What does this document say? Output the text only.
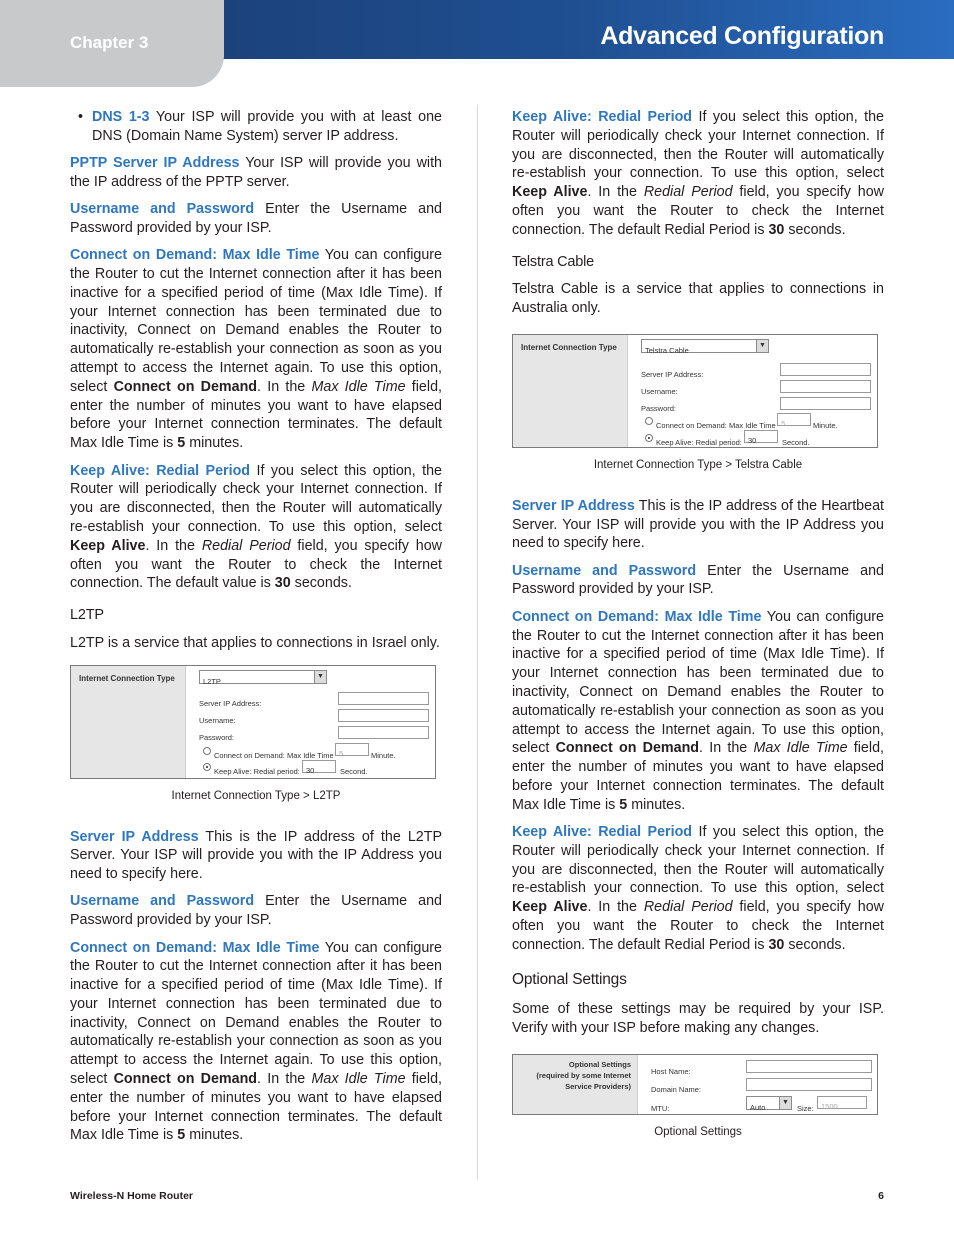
Chapter 3	Advanced Configuration
• DNS 1-3 Your ISP will provide you with at least one DNS (Domain Name System) server IP address.

PPTP Server IP Address Your ISP will provide you with the IP address of the PPTP server.

Username and Password Enter the Username and Password provided by your ISP.

Connect on Demand: Max Idle Time You can configure the Router to cut the Internet connection after it has been inactive for a specified period of time (Max Idle Time). If your Internet connection has been terminated due to inactivity, Connect on Demand enables the Router to automatically re-establish your connection as soon as you attempt to access the Internet again. To use this option, select Connect on Demand. In the Max Idle Time field, enter the number of minutes you want to have elapsed before your Internet connection terminates. The default Max Idle Time is 5 minutes.

Keep Alive: Redial Period If you select this option, the Router will periodically check your Internet connection. If you are disconnected, then the Router will automatically re-establish your connection. To use this option, select Keep Alive. In the Redial Period field, you specify how often you want the Router to check the Internet connection. The default value is 30 seconds.

L2TP

L2TP is a service that applies to connections in Israel only.

Internet Connection Type	L2TP
▼
Server IP Address:
Username:
Password:
Connect on Demand: Max Idle Time 5	Minute.
Keep Alive: Redial period: 30	Second.
Internet Connection Type > L2TP

Server IP Address This is the IP address of the L2TP Server. Your ISP will provide you with the IP Address you need to specify here.

Username and Password Enter the Username and Password provided by your ISP.

Connect on Demand: Max Idle Time You can configure the Router to cut the Internet connection after it has been inactive for a specified period of time (Max Idle Time). If your Internet connection has been terminated due to inactivity, Connect on Demand enables the Router to automatically re-establish your connection as soon as you attempt to access the Internet again. To use this option, select Connect on Demand. In the Max Idle Time field, enter the number of minutes you want to have elapsed before your Internet connection terminates. The default Max Idle Time is 5 minutes.

Keep Alive: Redial Period If you select this option, the Router will periodically check your Internet connection. If you are disconnected, then the Router will automatically re-establish your connection. To use this option, select Keep Alive. In the Redial Period field, you specify how often you want the Router to check the Internet connection. The default Redial Period is 30 seconds.

Telstra Cable

Telstra Cable is a service that applies to connections in Australia only.

Internet Connection Type	Telstra Cable
▼
Server IP Address:
Username:
Password:
Connect on Demand: Max Idle Time 5	Minute.
Keep Alive: Redial period: 30	Second.
Internet Connection Type > Telstra Cable

Server IP Address This is the IP address of the Heartbeat Server. Your ISP will provide you with the IP Address you need to specify here.

Username and Password Enter the Username and Password provided by your ISP.

Connect on Demand: Max Idle Time You can configure the Router to cut the Internet connection after it has been inactive for a specified period of time (Max Idle Time). If your Internet connection has been terminated due to inactivity, Connect on Demand enables the Router to automatically re-establish your connection as soon as you attempt to access the Internet again. To use this option, select Connect on Demand. In the Max Idle Time field, enter the number of minutes you want to have elapsed before your Internet connection terminates. The default Max Idle Time is 5 minutes.

Keep Alive: Redial Period If you select this option, the Router will periodically check your Internet connection. If you are disconnected, then the Router will automatically re-establish your connection. To use this option, select Keep Alive. In the Redial Period field, you specify how often you want the Router to check the Internet connection. The default Redial Period is 30 seconds.

Optional Settings

Some of these settings may be required by your ISP. Verify with your ISP before making any changes.

Optional Settings
(required by some Internet
Service Providers)
Host Name:
Domain Name:
MTU:	Auto
▼
Size: 1500
Optional Settings
Wireless-N Home Router	6
